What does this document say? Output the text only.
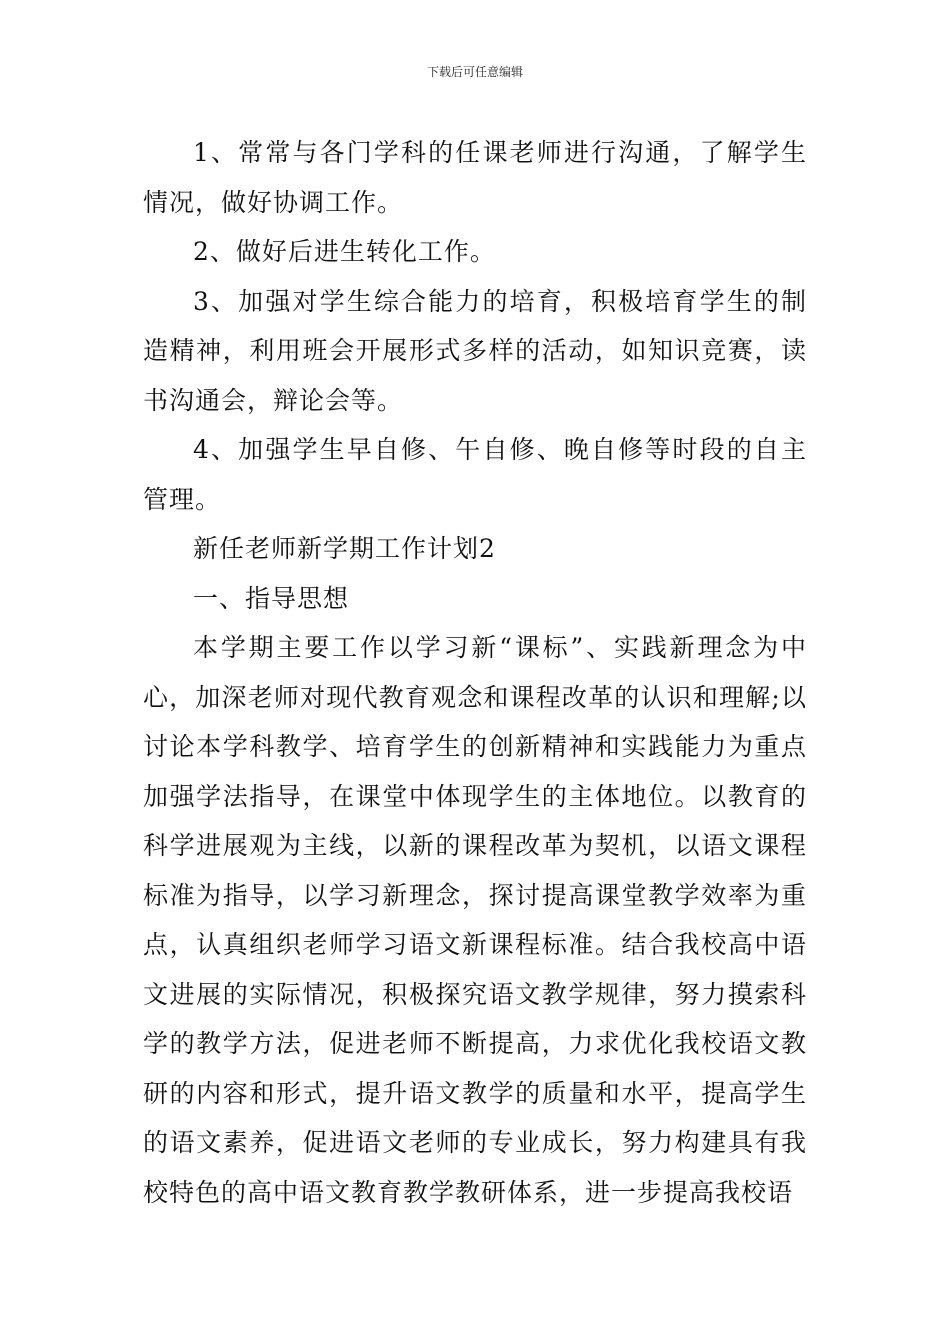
下载后可任意编辑

1、常常与各门学科的任课老师进行沟通，了解学生情况，做好协调工作。

2、做好后进生转化工作。

3、加强对学生综合能力的培育，积极培育学生的制造精神，利用班会开展形式多样的活动，如知识竞赛，读书沟通会，辩论会等。

4、加强学生早自修、午自修、晚自修等时段的自主管理。

新任老师新学期工作计划2

一、指导思想

本学期主要工作以学习新“课标”、实践新理念为中心，加深老师对现代教育观念和课程改革的认识和理解;以讨论本学科教学、培育学生的创新精神和实践能力为重点加强学法指导，在课堂中体现学生的主体地位。以教育的科学进展观为主线，以新的课程改革为契机，以语文课程标准为指导，以学习新理念，探讨提高课堂教学效率为重点，认真组织老师学习语文新课程标准。结合我校高中语文进展的实际情况，积极探究语文教学规律，努力摸索科学的教学方法，促进老师不断提高，力求优化我校语文教研的内容和形式，提升语文教学的质量和水平，提高学生的语文素养，促进语文老师的专业成长，努力构建具有我校特色的高中语文教育教学教研体系，进一步提高我校语
